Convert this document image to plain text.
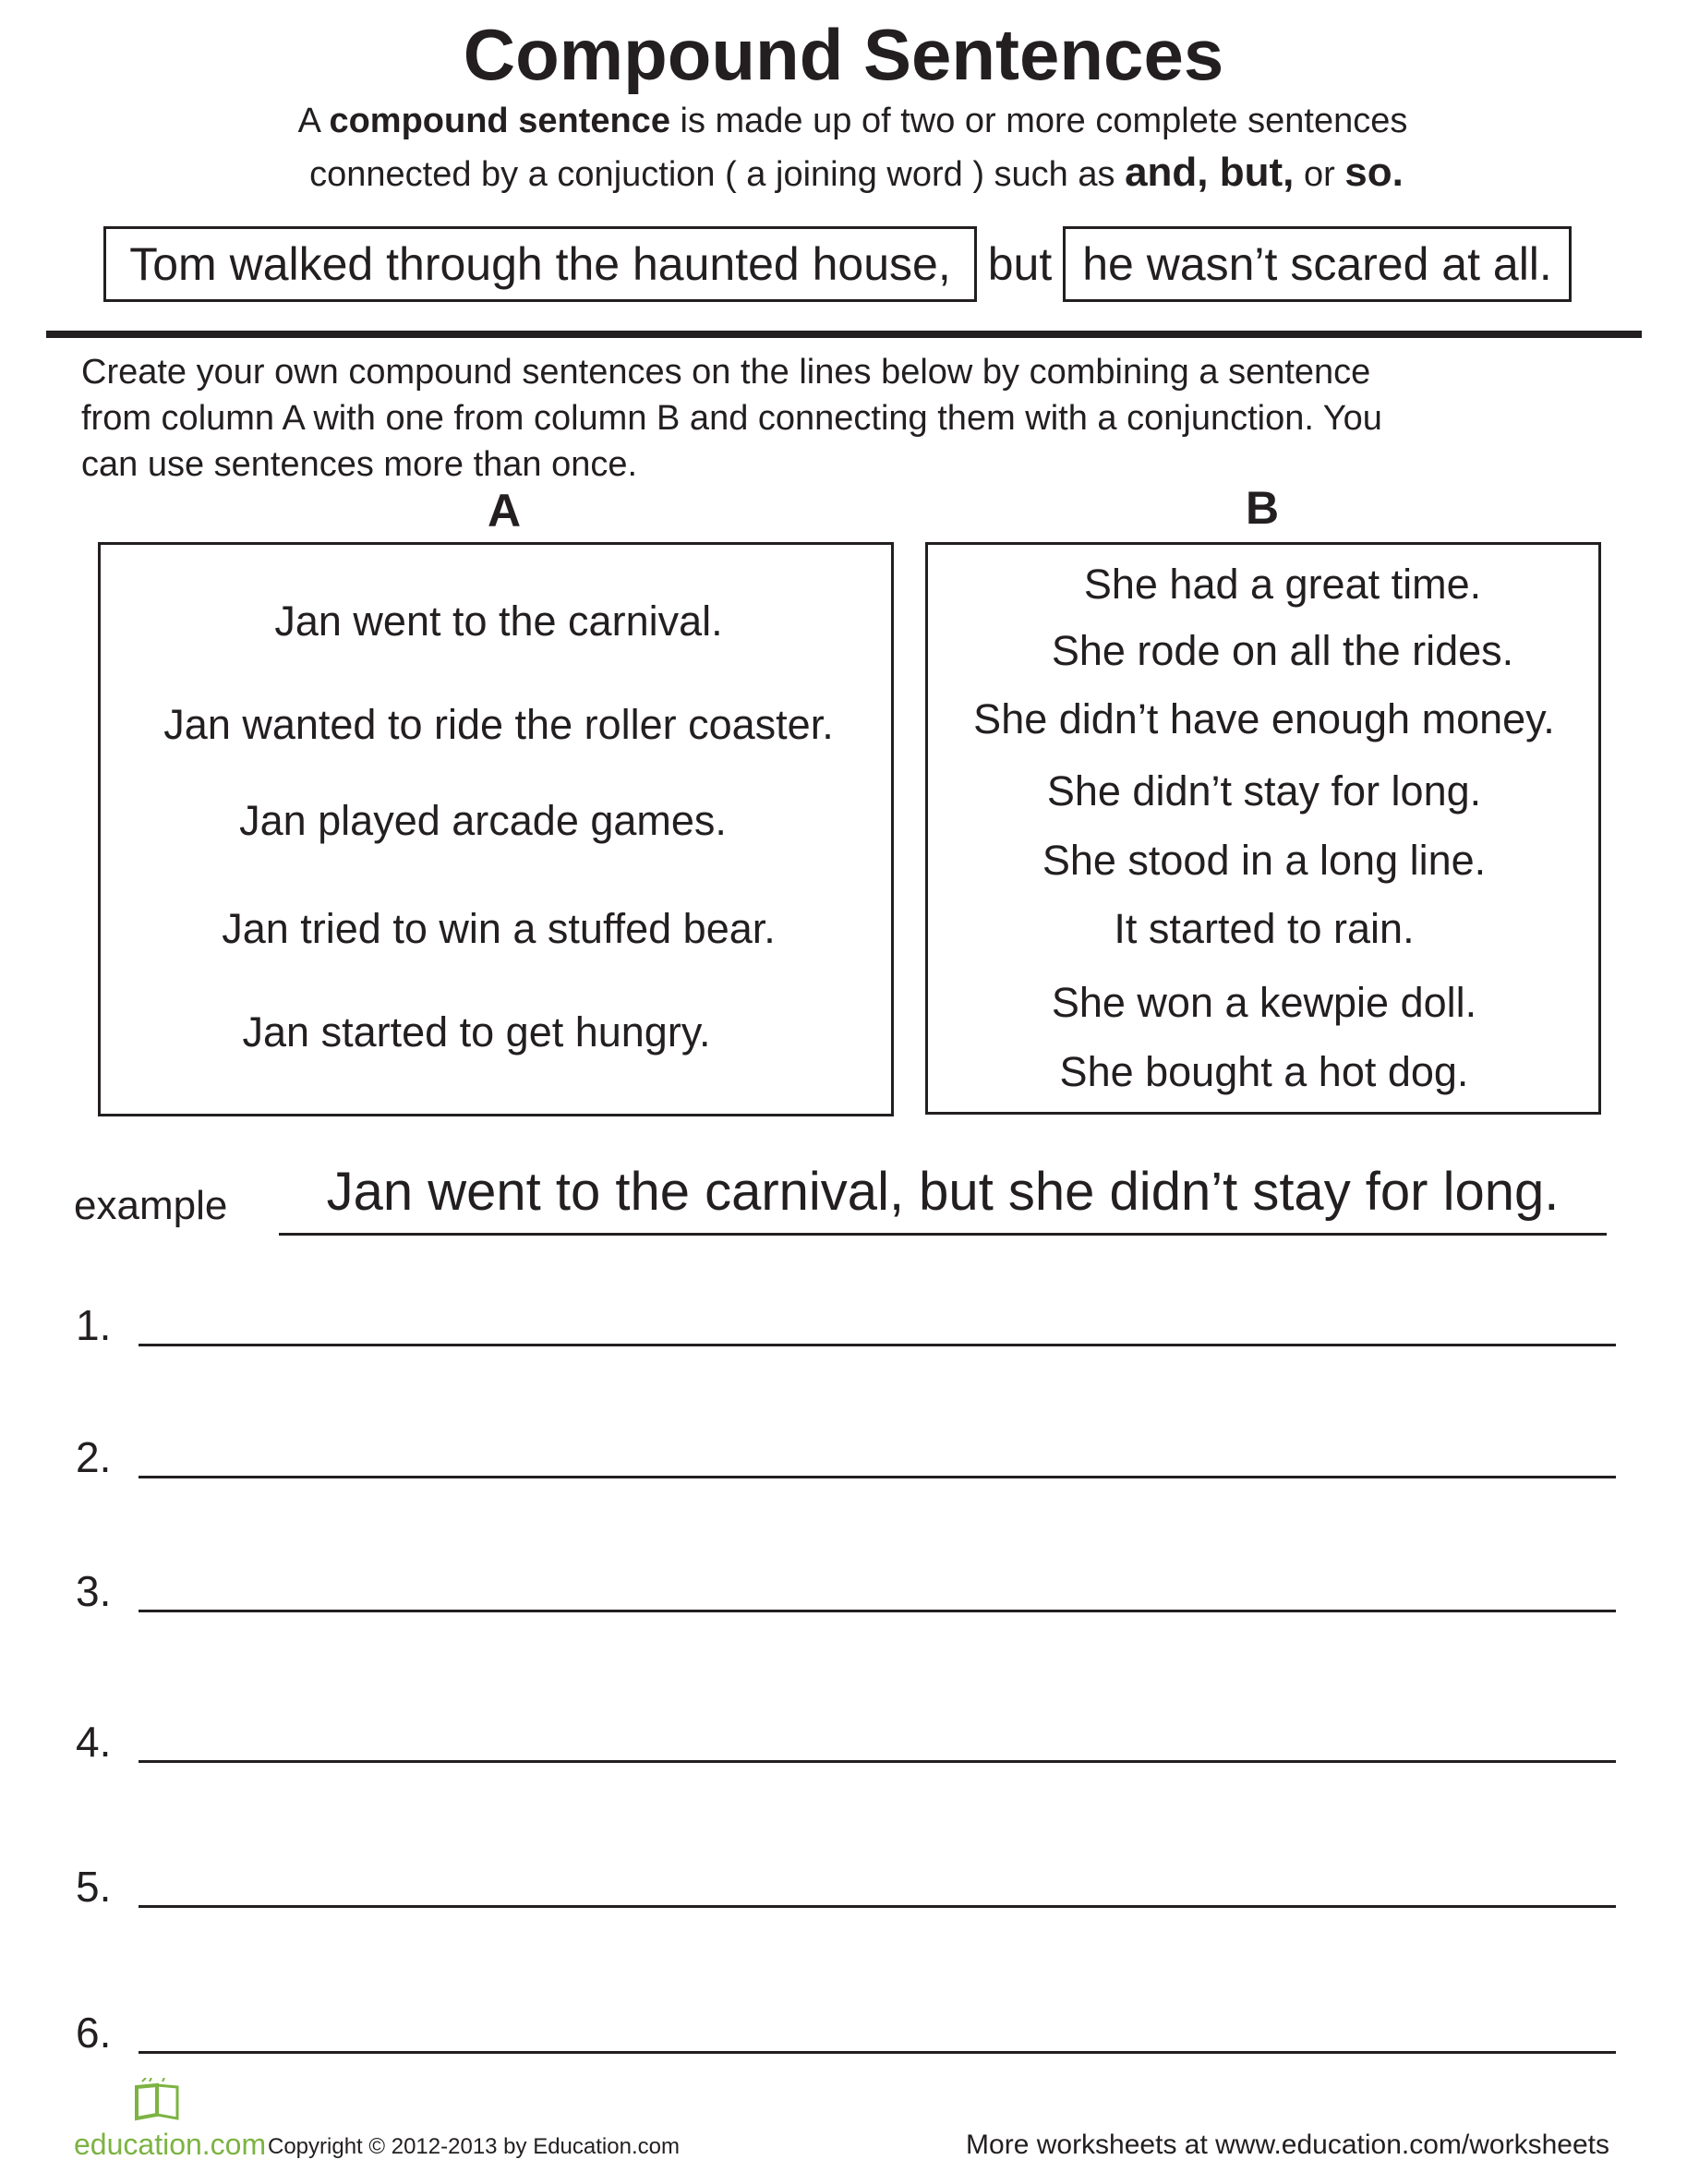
Compound Sentences
A compound sentence is made up of two or more complete sentences
connected by a conjuction ( a joining word ) such as and, but, or so.
Tom walked through the haunted house, but he wasn’t scared at all.
Create your own compound sentences on the lines below by combining a sentence
from column A with one from column B and connecting them with a conjunction. You
can use sentences more than once.
A	B
Jan went to the carnival.
Jan wanted to ride the roller coaster.
Jan played arcade games.
Jan tried to win a stuffed bear.
Jan started to get hungry.
She had a great time.
She rode on all the rides.
She didn’t have enough money.
She didn’t stay for long.
She stood in a long line.
It started to rain.
She won a kewpie doll.
She bought a hot dog.
example	Jan went to the carnival, but she didn’t stay for long.
1.
2.
3.
4.
5.
6.
education.com Copyright © 2012-2013 by Education.com	More worksheets at www.education.com/worksheets
